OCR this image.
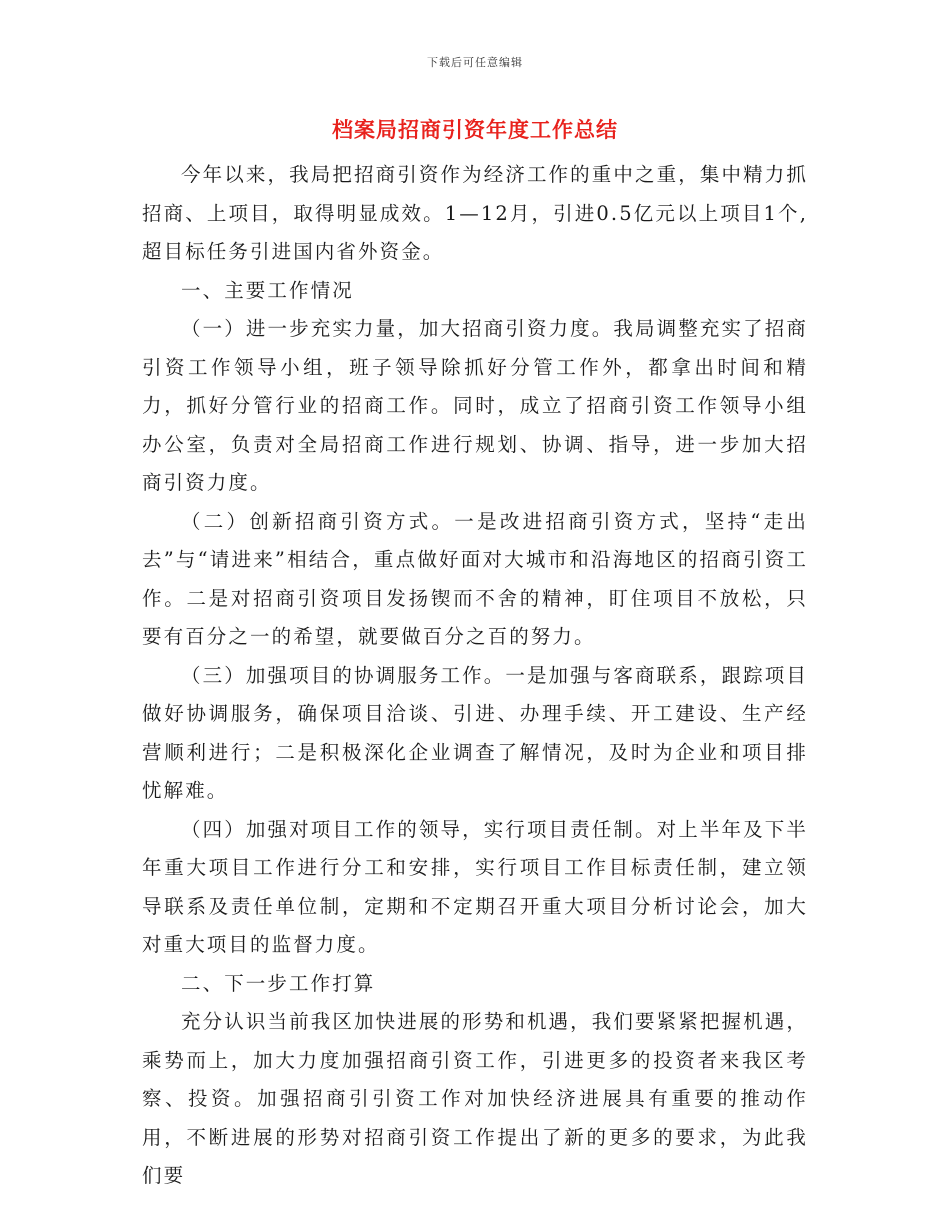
下载后可任意编辑
档案局招商引资年度工作总结

今年以来，我局把招商引资作为经济工作的重中之重，集中精力抓招商、上项目，取得明显成效。1—12月，引进0.5亿元以上项目1个,超目标任务引进国内省外资金。

一、主要工作情况

（一）进一步充实力量，加大招商引资力度。我局调整充实了招商引资工作领导小组，班子领导除抓好分管工作外，都拿出时间和精力，抓好分管行业的招商工作。同时，成立了招商引资工作领导小组办公室，负责对全局招商工作进行规划、协调、指导，进一步加大招商引资力度。

（二）创新招商引资方式。一是改进招商引资方式，坚持“走出去”与“请进来”相结合，重点做好面对大城市和沿海地区的招商引资工作。二是对招商引资项目发扬锲而不舍的精神，盯住项目不放松，只要有百分之一的希望，就要做百分之百的努力。

（三）加强项目的协调服务工作。一是加强与客商联系，跟踪项目做好协调服务，确保项目洽谈、引进、办理手续、开工建设、生产经营顺利进行；二是积极深化企业调查了解情况，及时为企业和项目排忧解难。

（四）加强对项目工作的领导，实行项目责任制。对上半年及下半年重大项目工作进行分工和安排，实行项目工作目标责任制，建立领导联系及责任单位制，定期和不定期召开重大项目分析讨论会，加大对重大项目的监督力度。

二、下一步工作打算

充分认识当前我区加快进展的形势和机遇，我们要紧紧把握机遇，乘势而上，加大力度加强招商引资工作，引进更多的投资者来我区考察、投资。加强招商引引资工作对加快经济进展具有重要的推动作用，不断进展的形势对招商引资工作提出了新的更多的要求，为此我们要
